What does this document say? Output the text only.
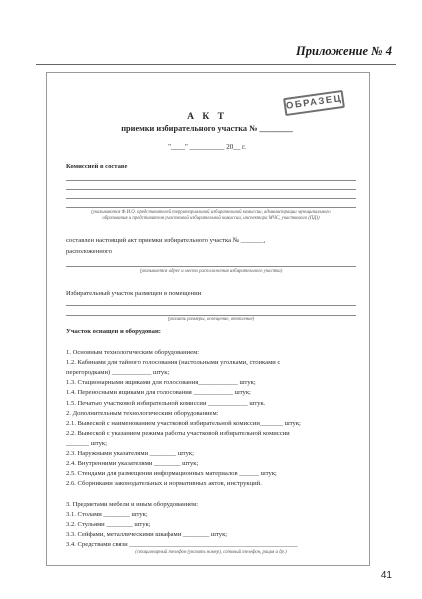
Приложение № 4
ОБРАЗЕЦ
А К Т
приемки избирательного участка № ________
"____" __________ 20__ г.
Комиссией в составе
(указываются Ф.И.О. представителей территориальной избирательной комиссии, администрации муниципального образования и представителя участковой избирательной комиссии, инспектора МЧС, участкового (ПД))
составлен настоящий акт приемки избирательного участка № _______,
расположенного
(указывается адрес и место расположения избирательного участка)
Избирательный участок размещен в помещении
(указать размеры, освещение, отопление)
Участок оснащен и оборудован:
1. Основным технологическим оборудованием:
1.2. Кабинами для тайного голосования (настольными уголками, стоиками с
перегородками) ____________ штук;
1.3. Стационарными ящиками для голосования____________ штук;
1.4. Переносными ящиками для голосования ____________ штук;
1.5. Печатью участковой избирательной комиссии ____________ штук.
2. Дополнительным технологическим оборудованием:
2.1. Вывеской с наименованием участковой избирательной комиссии_______ штук;
2.2. Вывеской с указанием режима работы участковой избирательной комиссии
_______ штук;
2.3. Наружными указателями ________ штук;
2.4. Внутренними указателями ________ штук;
2.5. Стендами для размещения информационных материалов ______ штук;
2.6. Сборниками законодательных и нормативных актов, инструкций.
3. Предметами мебели и иным оборудованием:
3.1. Столами ________ штук;
3.2. Стульями ________ штук;
3.3. Сейфами, металлическими шкафами ________ штук;
3.4. Средствами связи ___________________________________________________
(стационарный телефон (указать номер), сотовый телефон, рация и др.)
41
